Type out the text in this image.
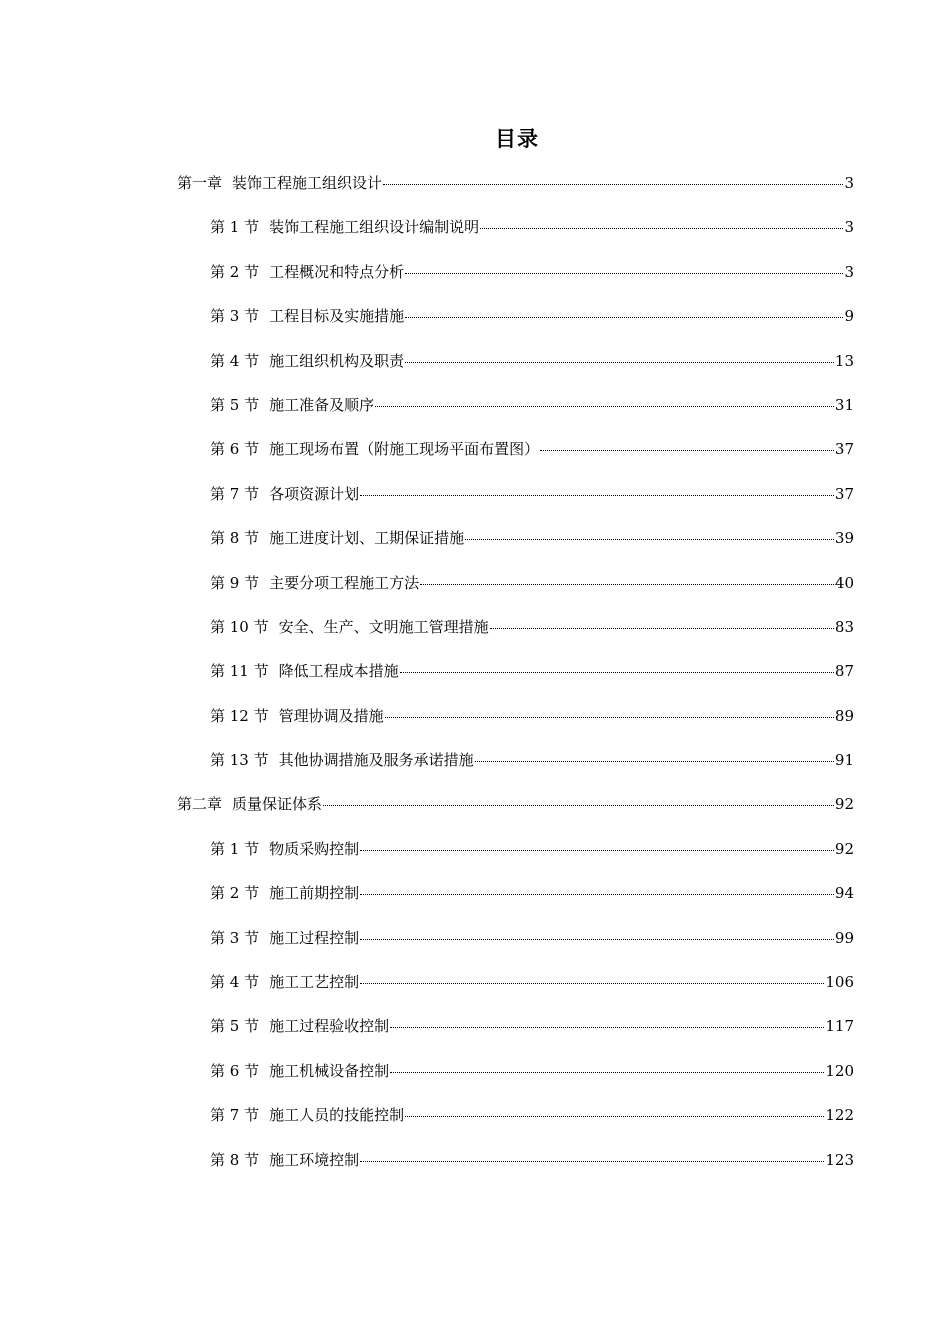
目录
第一章 装饰工程施工组织设计	3
第 1 节 装饰工程施工组织设计编制说明	3
第 2 节 工程概况和特点分析	3
第 3 节 工程目标及实施措施	9
第 4 节 施工组织机构及职责	13
第 5 节 施工准备及顺序	31
第 6 节 施工现场布置（附施工现场平面布置图）	37
第 7 节 各项资源计划	37
第 8 节 施工进度计划、工期保证措施	39
第 9 节 主要分项工程施工方法	40
第 10 节 安全、生产、文明施工管理措施	83
第 11 节 降低工程成本措施	87
第 12 节 管理协调及措施	89
第 13 节 其他协调措施及服务承诺措施	91
第二章 质量保证体系	92
第 1 节 物质采购控制	92
第 2 节 施工前期控制	94
第 3 节 施工过程控制	99
第 4 节 施工工艺控制	106
第 5 节 施工过程验收控制	117
第 6 节 施工机械设备控制	120
第 7 节 施工人员的技能控制	122
第 8 节 施工环境控制	123
